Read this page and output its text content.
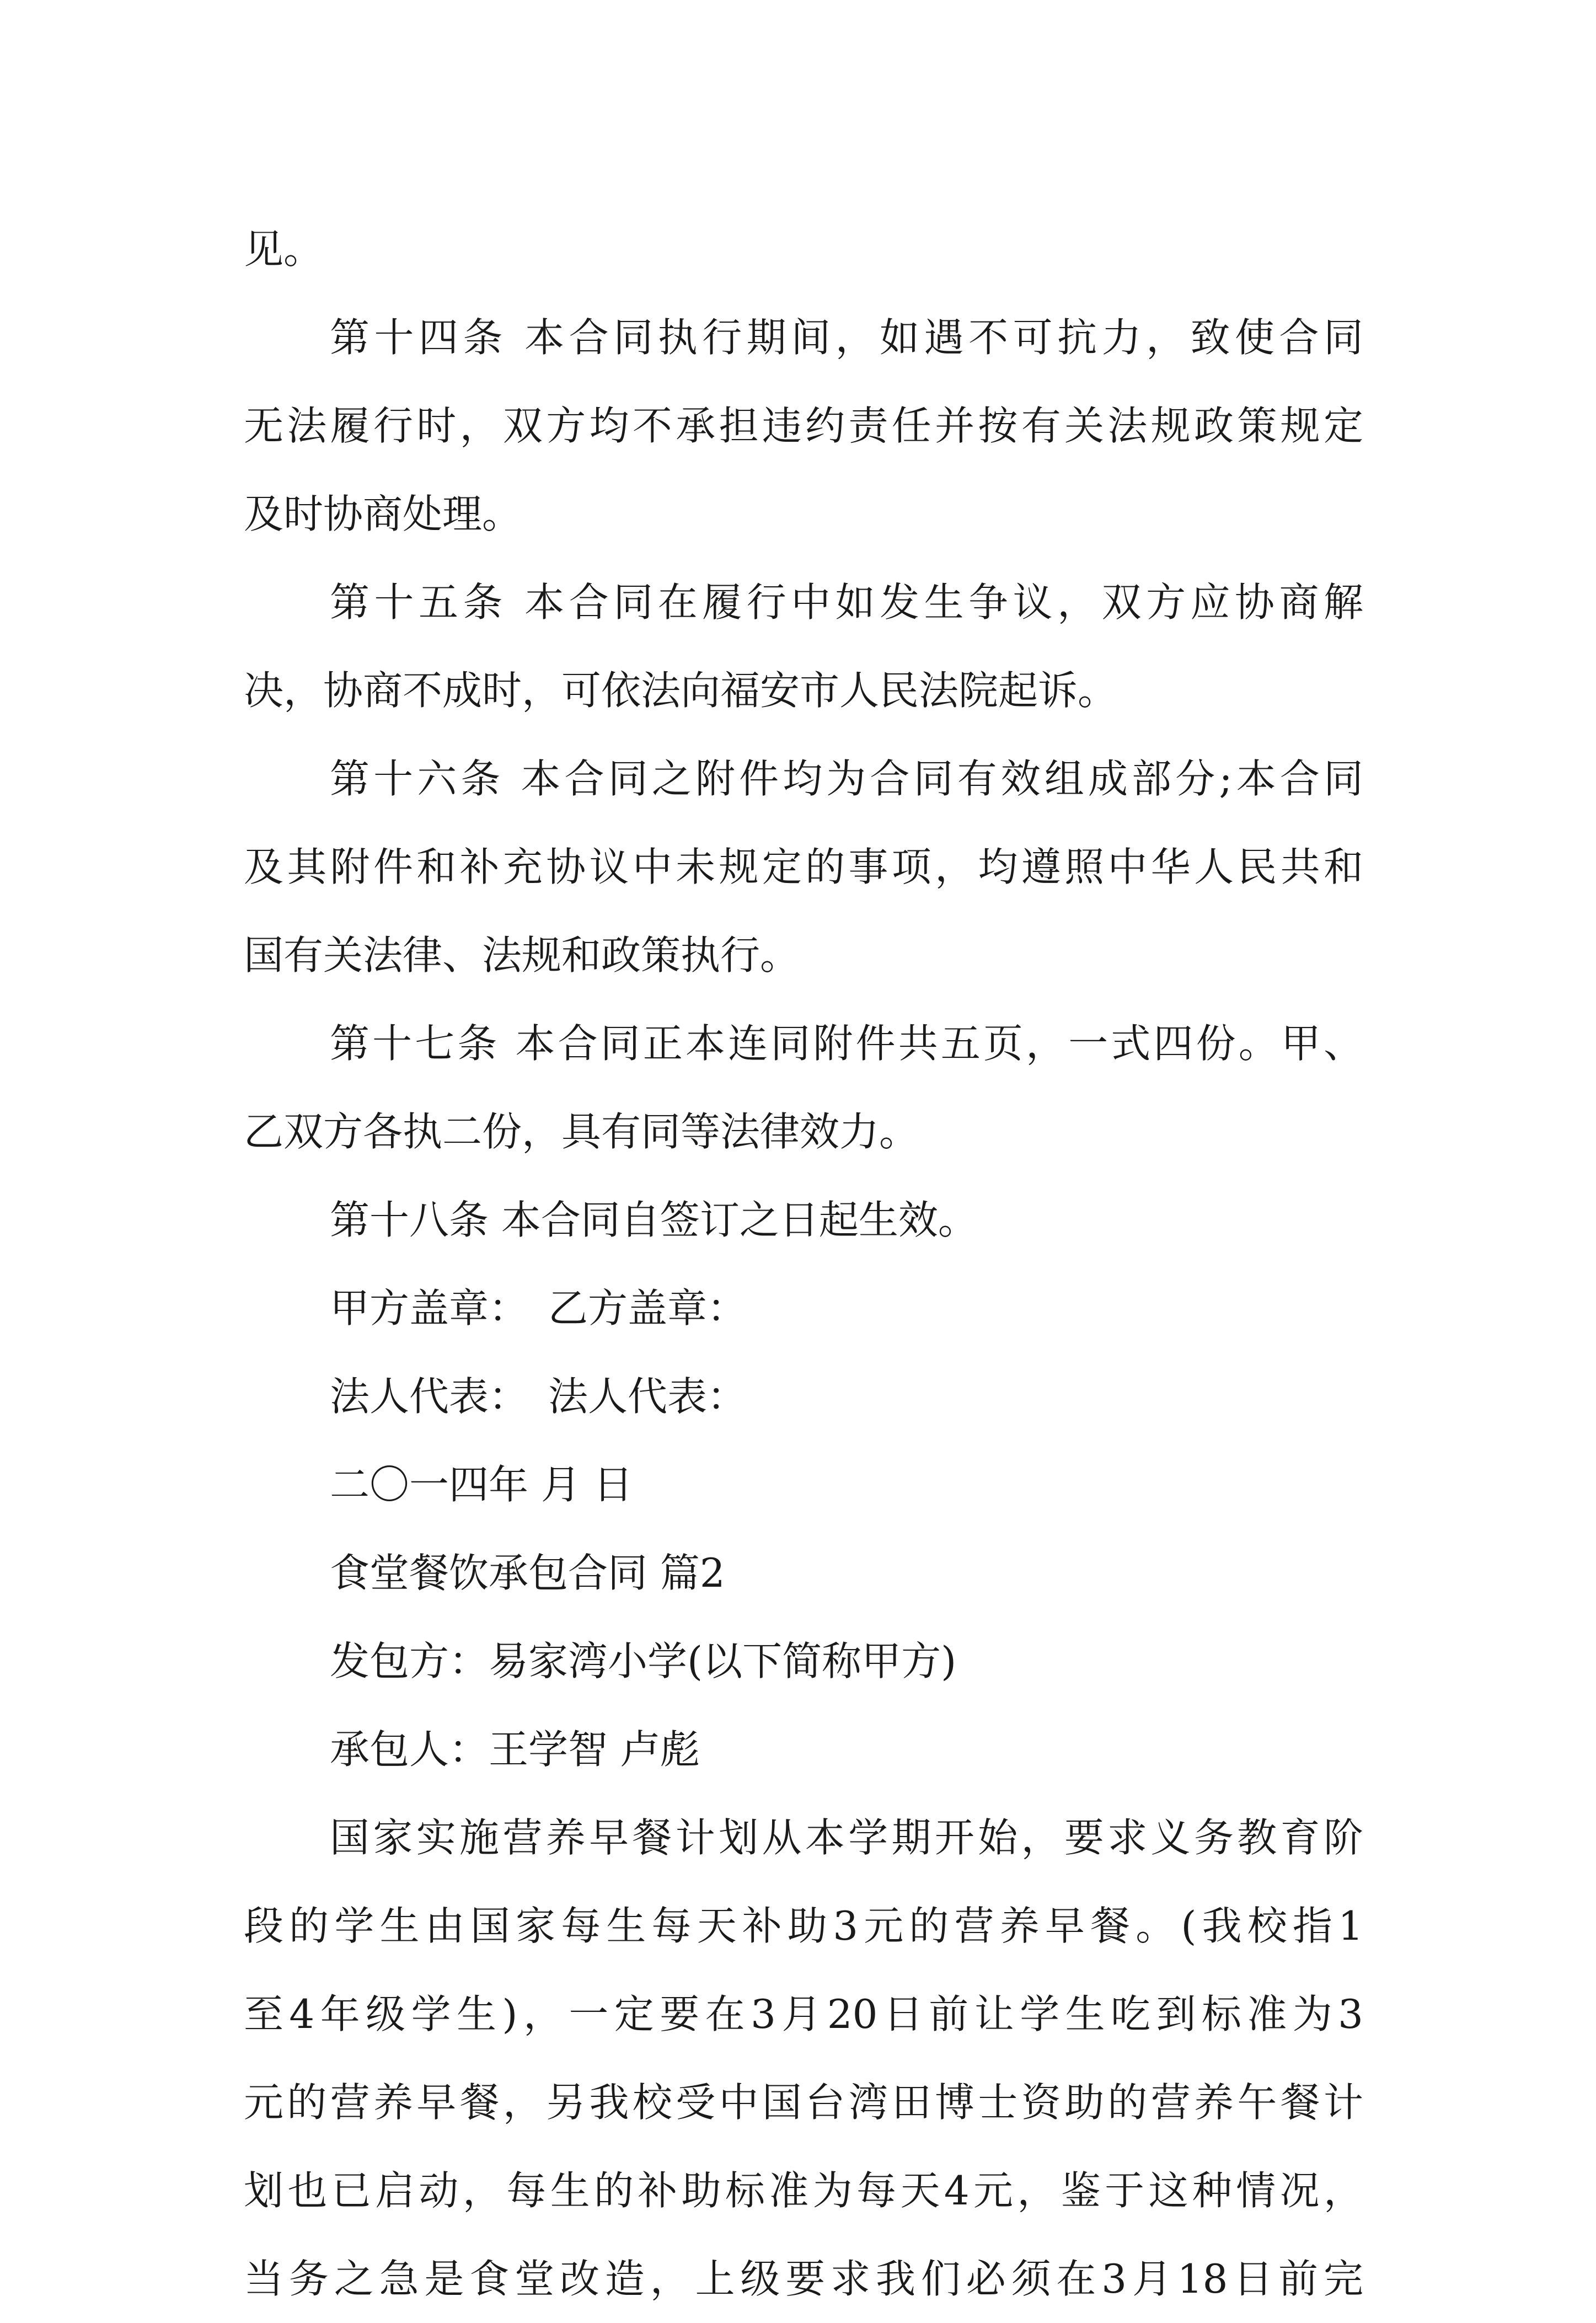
见。
第十四条 本合同执行期间，如遇不可抗力，致使合同
无法履行时，双方均不承担违约责任并按有关法规政策规定
及时协商处理。
第十五条 本合同在履行中如发生争议，双方应协商解
决，协商不成时，可依法向福安市人民法院起诉。
第十六条 本合同之附件均为合同有效组成部分;本合同
及其附件和补充协议中未规定的事项，均遵照中华人民共和
国有关法律、法规和政策执行。
第十七条 本合同正本连同附件共五页，一式四份。甲、
乙双方各执二份，具有同等法律效力。
第十八条 本合同自签订之日起生效。
甲方盖章：　乙方盖章：
法人代表：　法人代表：
二〇一四年 月 日
食堂餐饮承包合同 篇2
发包方：易家湾小学(以下简称甲方)
承包人：王学智 卢彪
国家实施营养早餐计划从本学期开始，要求义务教育阶
段的学生由国家每生每天补助3元的营养早餐。(我校指1
至4年级学生)，一定要在3月20日前让学生吃到标准为3
元的营养早餐，另我校受中国台湾田博士资助的营养午餐计
划也已启动，每生的补助标准为每天4元，鉴于这种情况，
当务之急是食堂改造，上级要求我们必须在3月18日前完
